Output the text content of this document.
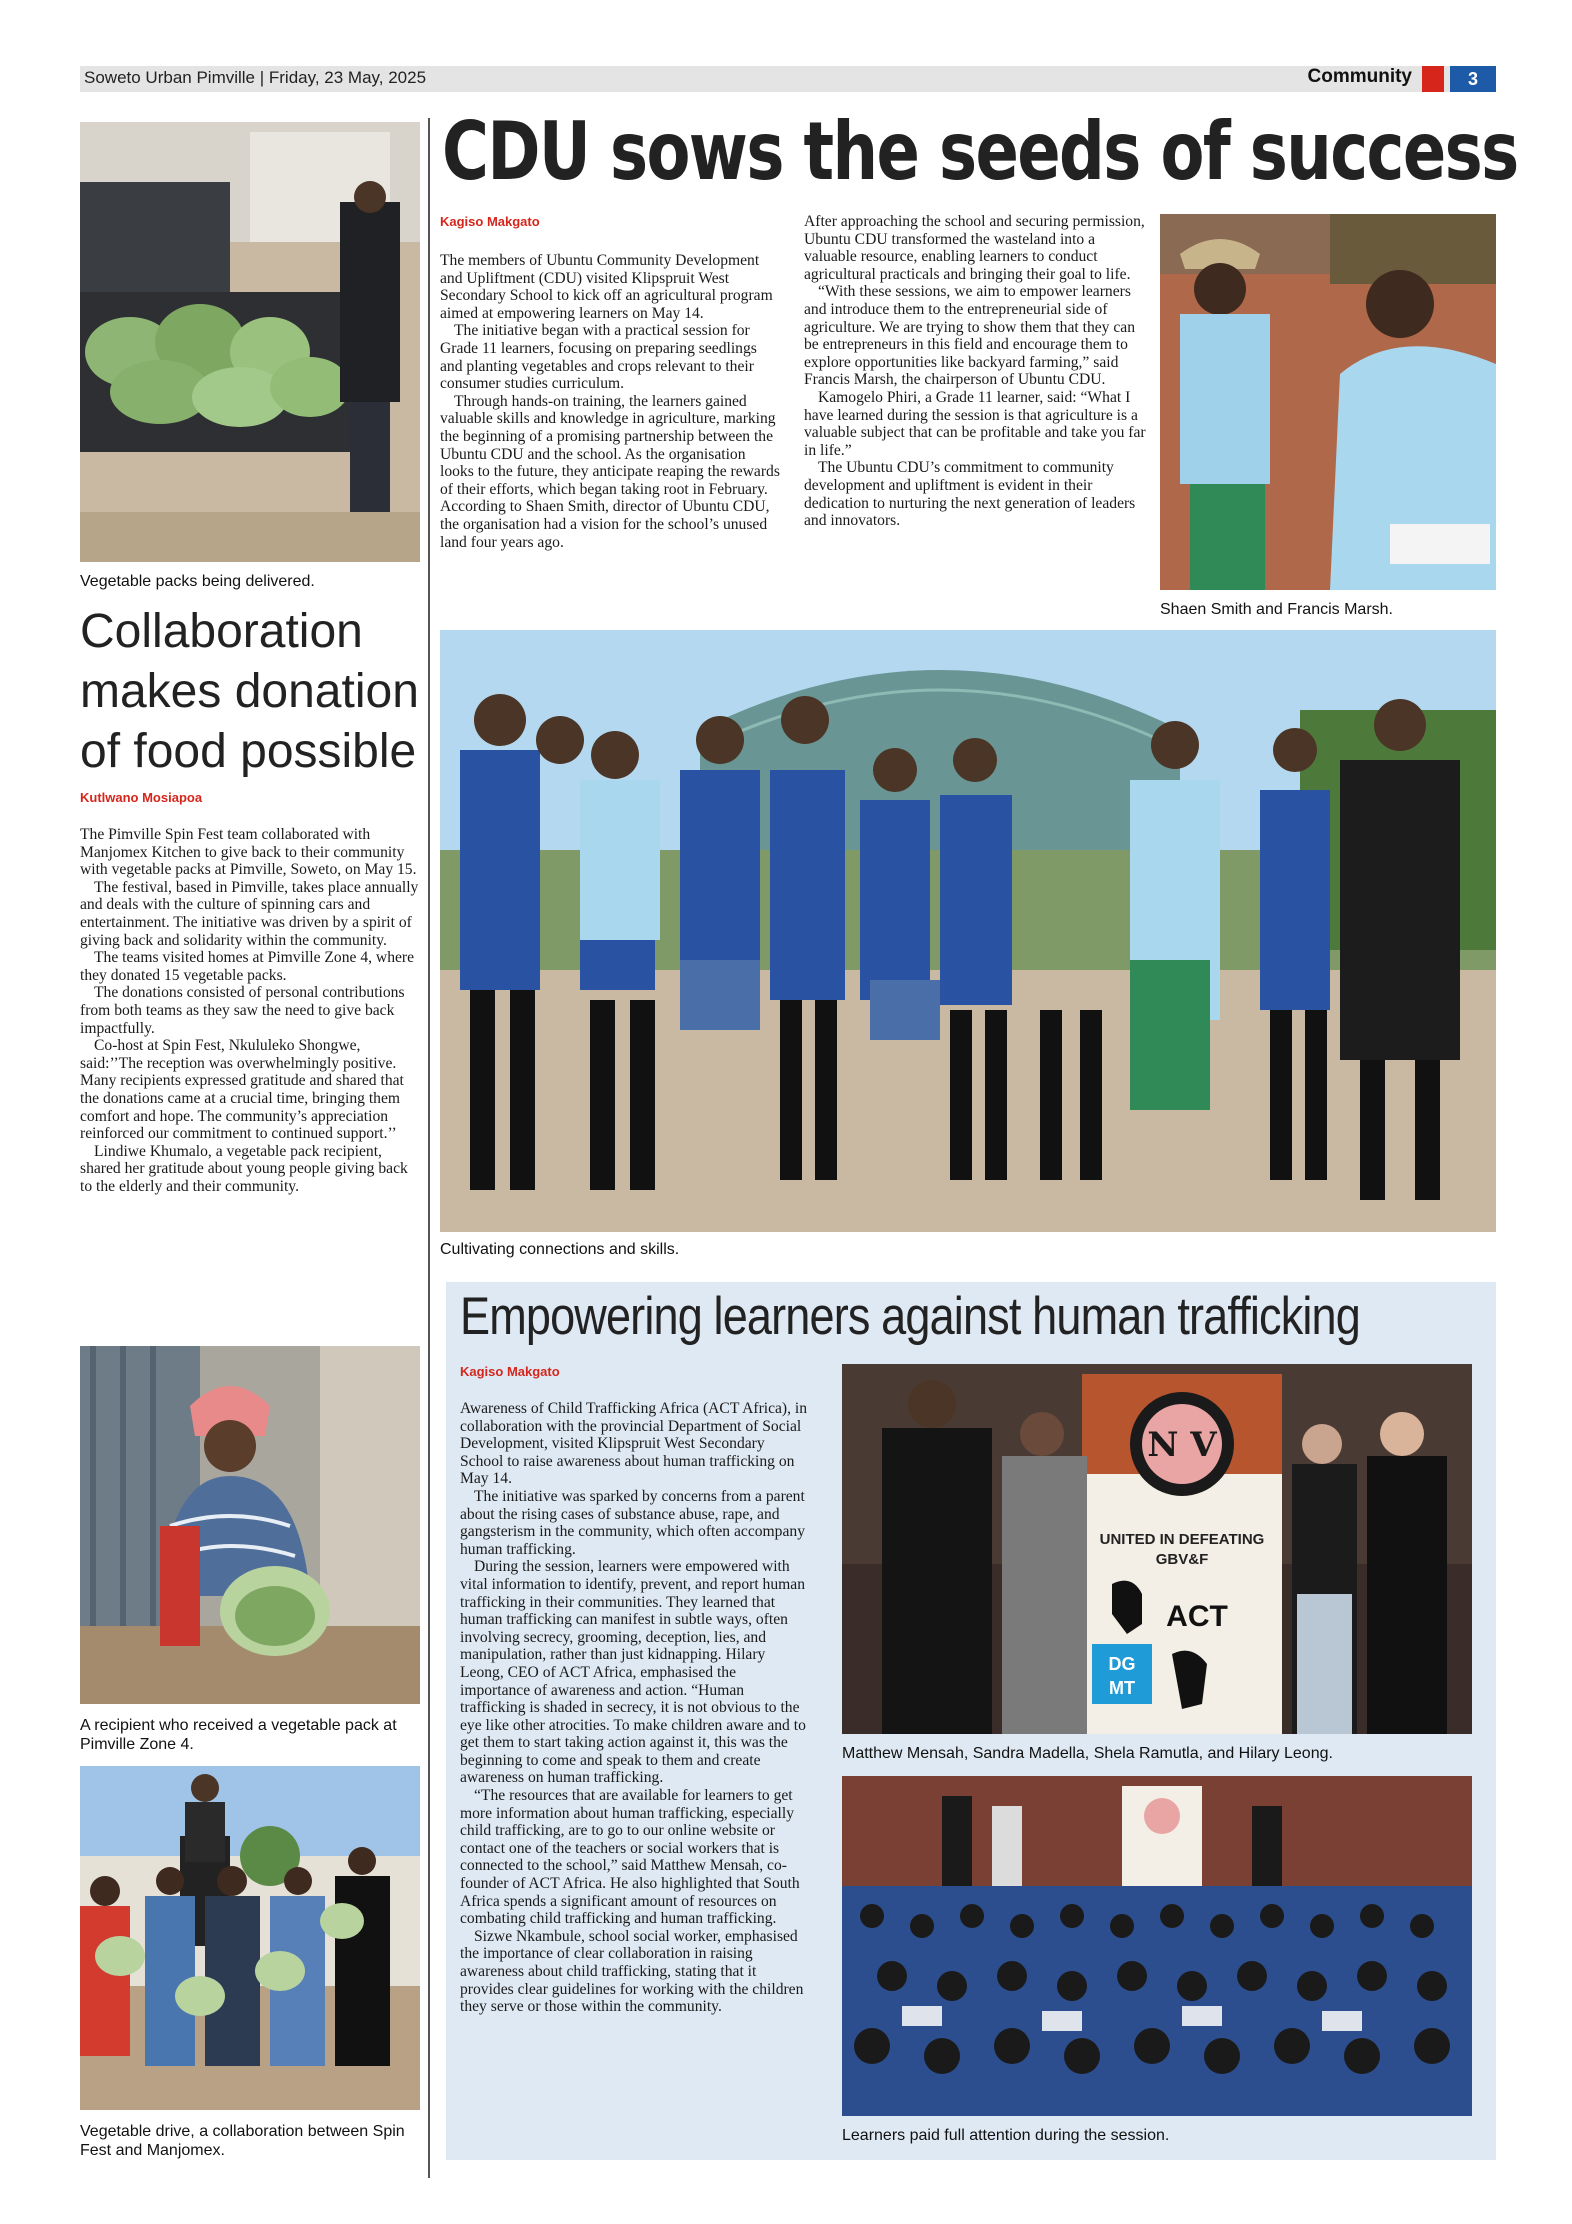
Soweto Urban Pimville | Friday, 23 May, 2025	Community	3
Vegetable packs being delivered.
Collaboration
makes donation
of food possible
Kutlwano Mosiapoa

The Pimville Spin Fest team collaborated with Manjomex Kitchen to give back to their community with vegetable packs at Pimville, Soweto, on May 15.

The festival, based in Pimville, takes place annually and deals with the culture of spinning cars and entertainment. The initiative was driven by a spirit of giving back and solidarity within the community.

The teams visited homes at Pimville Zone 4, where they donated 15 vegetable packs.

The donations consisted of personal contributions from both teams as they saw the need to give back impactfully.

Co-host at Spin Fest, Nkululeko Shongwe, said:’’The reception was overwhelmingly positive. Many recipients expressed gratitude and shared that the donations came at a crucial time, bringing them comfort and hope. The community’s appreciation reinforced our commitment to continued support.’’

Lindiwe Khumalo, a vegetable pack recipient, shared her gratitude about young people giving back to the elderly and their community.

A recipient who received a vegetable pack at Pimville Zone 4.
Vegetable drive, a collaboration between Spin Fest and Manjomex.
CDU sows the seeds of success
Kagiso Makgato

The members of Ubuntu Community Development and Upliftment (CDU) visited Klipspruit West Secondary School to kick off an agricultural program aimed at empowering learners on May 14.

The initiative began with a practical session for Grade 11 learners, focusing on preparing seedlings and planting vegetables and crops relevant to their consumer studies curriculum.

Through hands-on training, the learners gained valuable skills and knowledge in agriculture, marking the beginning of a promising partnership between the Ubuntu CDU and the school. As the organisation looks to the future, they anticipate reaping the rewards of their efforts, which began taking root in February. According to Shaen Smith, director of Ubuntu CDU, the organisation had a vision for the school’s unused land four years ago.

After approaching the school and securing permission, Ubuntu CDU transformed the wasteland into a valuable resource, enabling learners to conduct agricultural practicals and bringing their goal to life.

“With these sessions, we aim to empower learners and introduce them to the entrepreneurial side of agriculture. We are trying to show them that they can be entrepreneurs in this field and encourage them to explore opportunities like backyard farming,” said Francis Marsh, the chairperson of Ubuntu CDU.

Kamogelo Phiri, a Grade 11 learner, said: “What I have learned during the session is that agriculture is a valuable subject that can be profitable and take you far in life.”

The Ubuntu CDU’s commitment to community development and upliftment is evident in their dedication to nurturing the next generation of leaders and innovators.

Shaen Smith and Francis Marsh.
Cultivating connections and skills.
Empowering learners against human trafficking
Kagiso Makgato

Awareness of Child Trafficking Africa (ACT Africa), in collaboration with the provincial Department of Social Development, visited Klipspruit West Secondary School to raise awareness about human trafficking on May 14.

The initiative was sparked by concerns from a parent about the rising cases of substance abuse, rape, and gangsterism in the community, which often accompany human trafficking.

During the session, learners were empowered with vital information to identify, prevent, and report human trafficking in their communities. They learned that human trafficking can manifest in subtle ways, often involving secrecy, grooming, deception, lies, and manipulation, rather than just kidnapping. Hilary Leong, CEO of ACT Africa, emphasised the importance of awareness and action. “Human trafficking is shaded in secrecy, it is not obvious to the eye like other atrocities. To make children aware and to get them to start taking action against it, this was the beginning to come and speak to them and create awareness on human trafficking.

“The resources that are available for learners to get more information about human trafficking, especially child trafficking, are to go to our online website or contact one of the teachers or social workers that is connected to the school,” said Matthew Mensah, co-founder of ACT Africa. He also highlighted that South Africa spends a significant amount of resources on combating child trafficking and human trafficking.

Sizwe Nkambule, school social worker, emphasised the importance of clear collaboration in raising awareness about child trafficking, stating that it provides clear guidelines for working with the children they serve or those within the community.

N V
UNITED IN DEFEATING
GBV&F
ACT
DG
MT
Matthew Mensah, Sandra Madella, Shela Ramutla, and Hilary Leong.
Learners paid full attention during the session.
